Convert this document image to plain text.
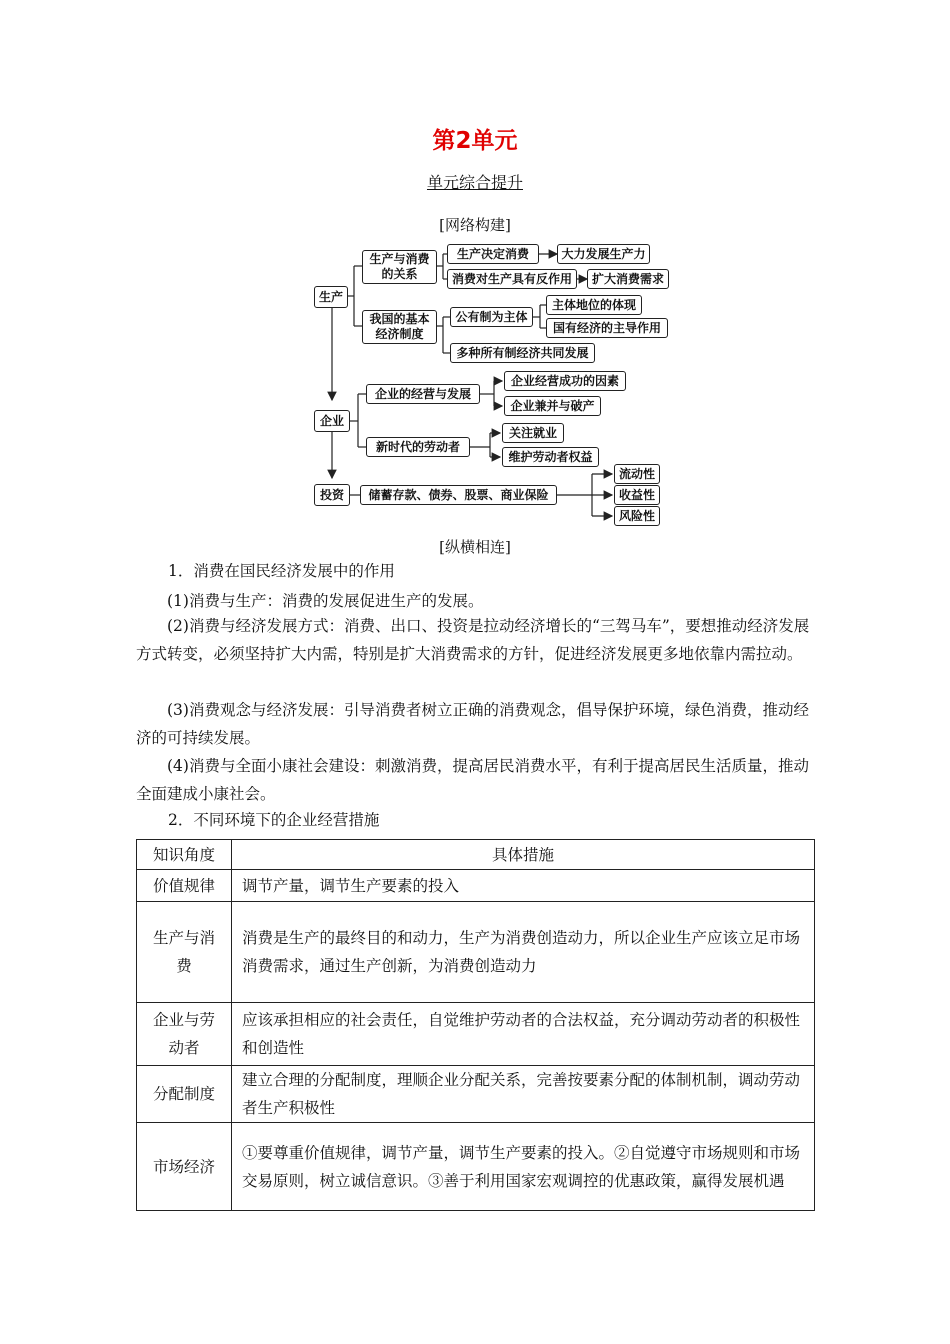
第2单元
单元综合提升
[网络构建]
生产
生产与消费
的关系
生产决定消费	大力发展生产力
消费对生产具有反作用	扩大消费需求
我国的基本
经济制度
公有制为主体
主体地位的体现
国有经济的主导作用
多种所有制经济共同发展
企业
企业的经营与发展
企业经营成功的因素
企业兼并与破产
新时代的劳动者
关注就业
维护劳动者权益
投资	储蓄存款、债券、股票、商业保险
流动性
收益性
风险性
[纵横相连]
1．消费在国民经济发展中的作用
(1)消费与生产：消费的发展促进生产的发展。
(2)消费与经济发展方式：消费、出口、投资是拉动经济增长的“三驾马车”，要想推动经济发展方式转变，必须坚持扩大内需，特别是扩大消费需求的方针，促进经济发展更多地依靠内需拉动。
(3)消费观念与经济发展：引导消费者树立正确的消费观念，倡导保护环境，绿色消费，推动经济的可持续发展。
(4)消费与全面小康社会建设：刺激消费，提高居民消费水平，有利于提高居民生活质量，推动全面建成小康社会。
2．不同环境下的企业经营措施
知识角度	具体措施
价值规律	调节产量，调节生产要素的投入
生产与消费	消费是生产的最终目的和动力，生产为消费创造动力，所以企业生产应该立足市场消费需求，通过生产创新，为消费创造动力
企业与劳动者	应该承担相应的社会责任，自觉维护劳动者的合法权益，充分调动劳动者的积极性和创造性
分配制度	建立合理的分配制度，理顺企业分配关系，完善按要素分配的体制机制，调动劳动者生产积极性
市场经济	①要尊重价值规律，调节产量，调节生产要素的投入。②自觉遵守市场规则和市场交易原则，树立诚信意识。③善于利用国家宏观调控的优惠政策，赢得发展机遇
